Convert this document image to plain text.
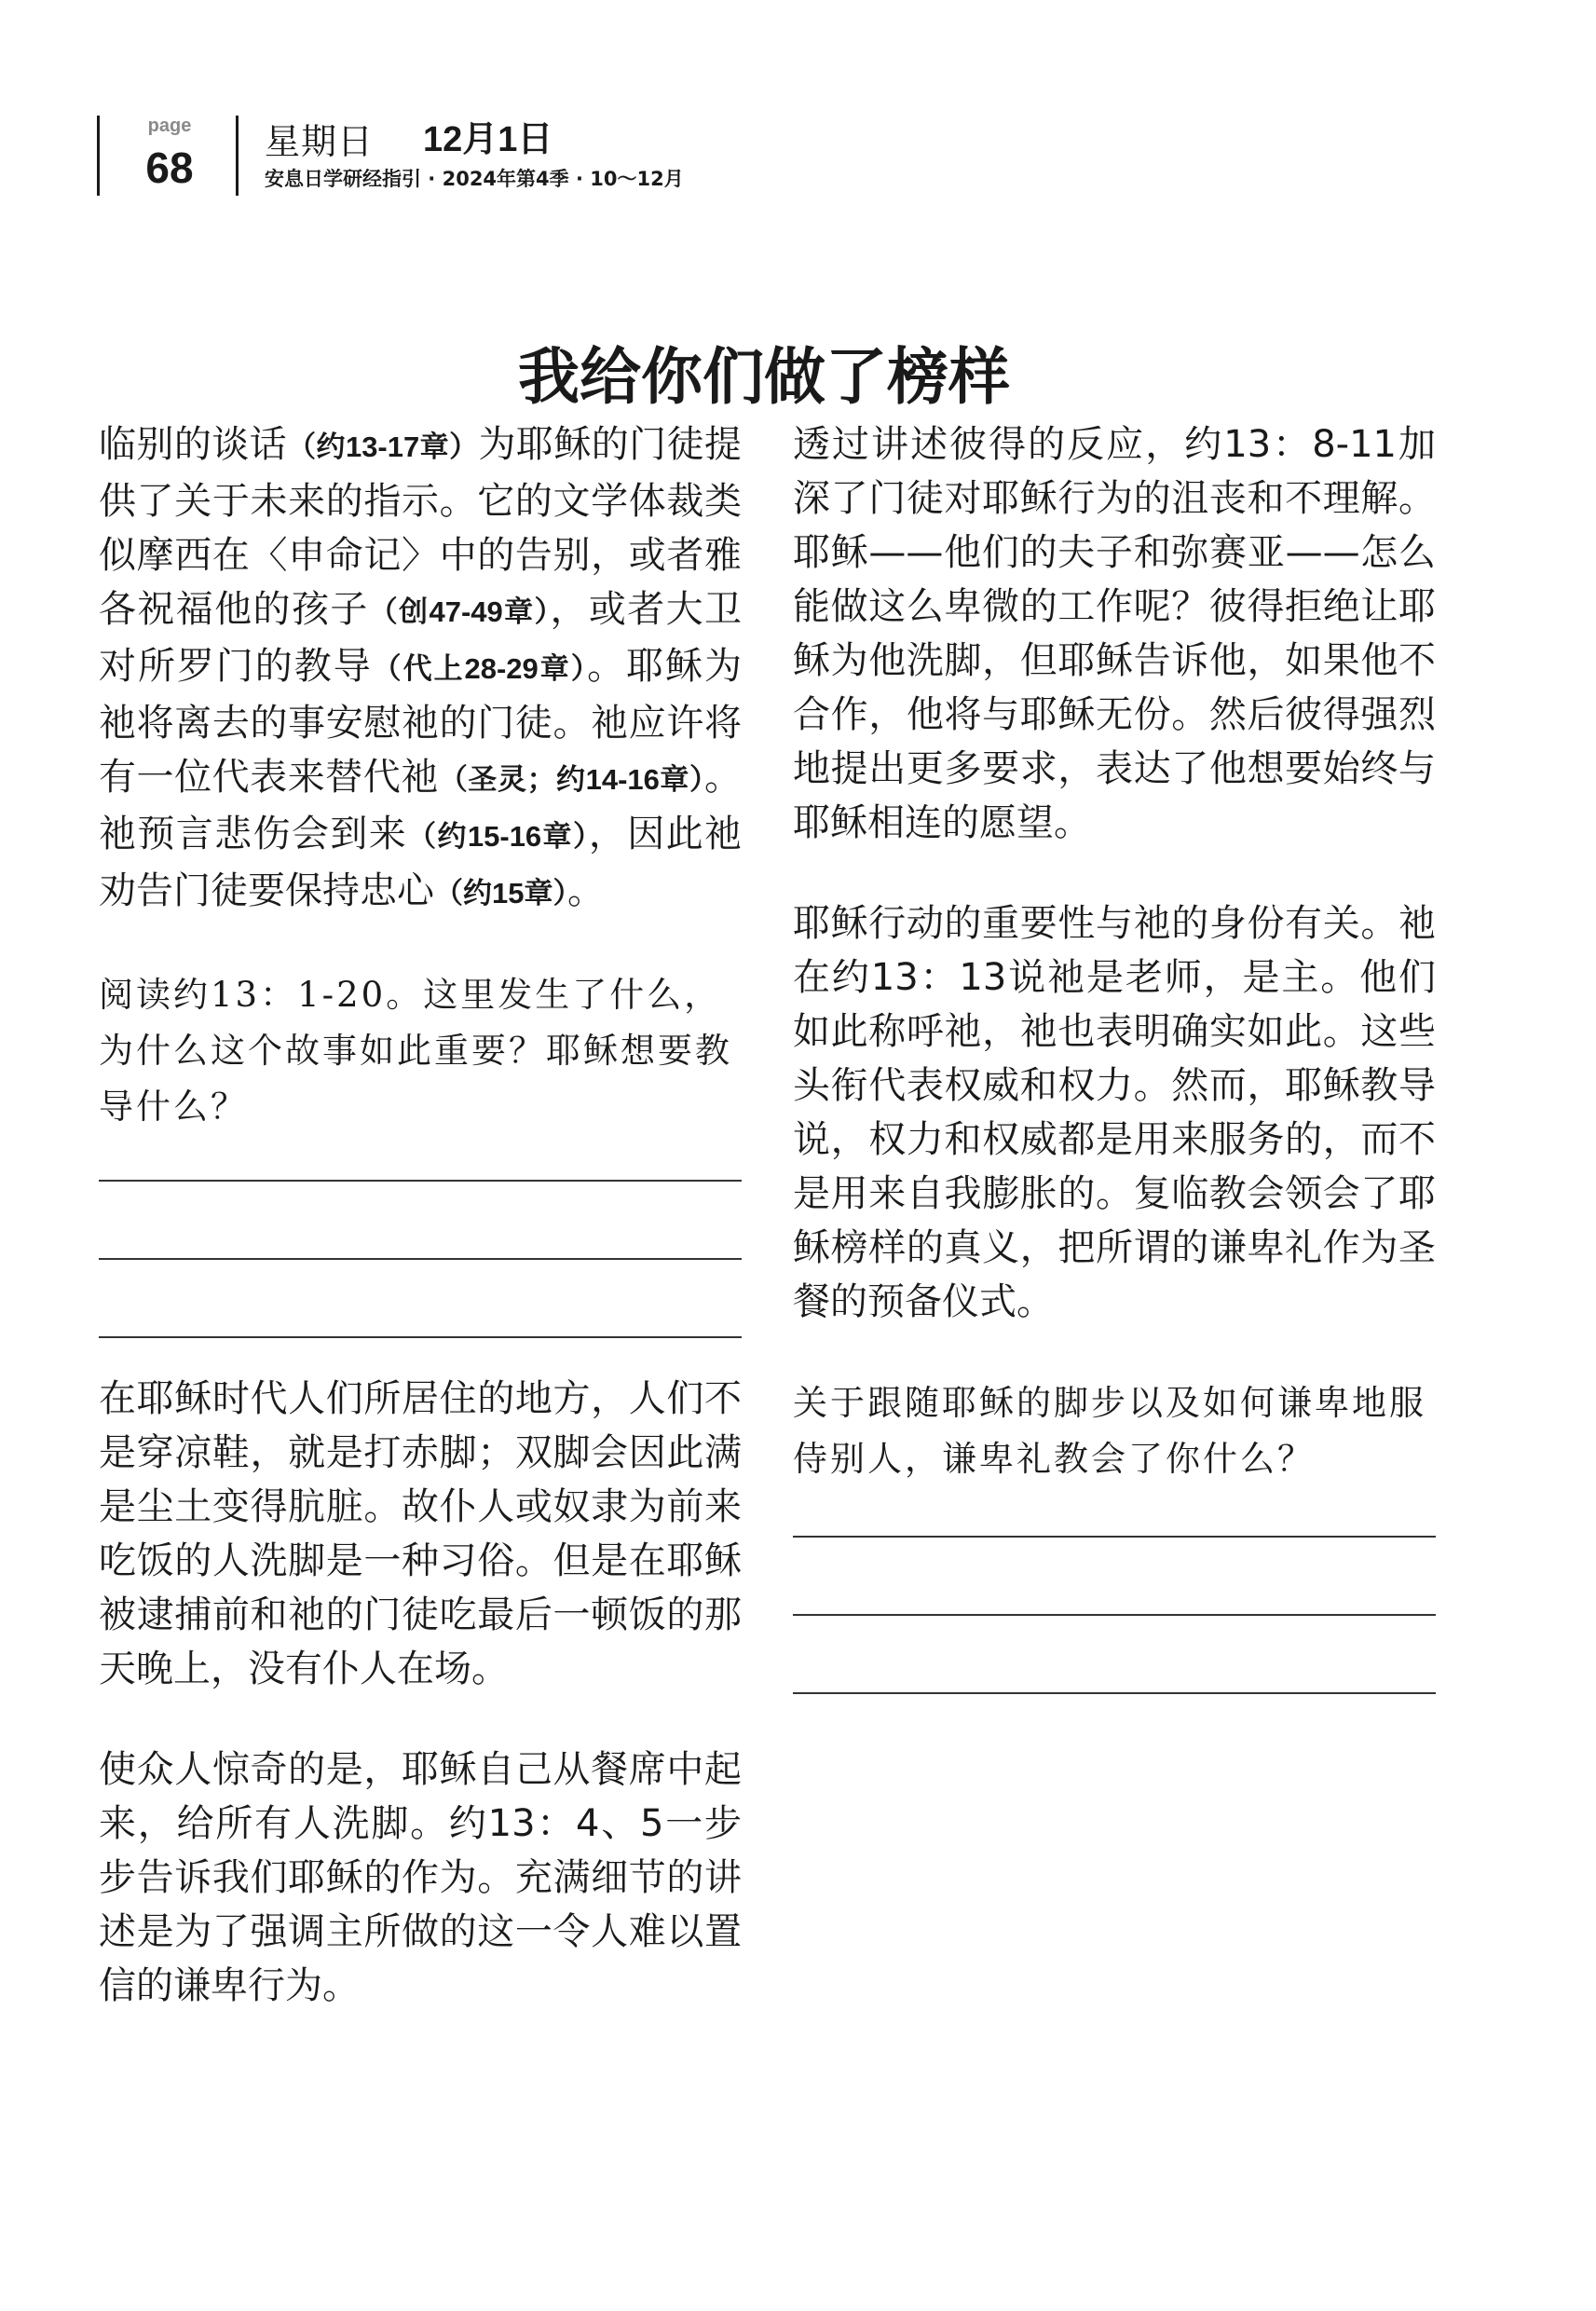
page
68
星期日 12月1日
安息日学研经指引 · 2024年第4季 · 10～12月
我给你们做了榜样

临别的谈话（约13-17章）为耶稣的门徒提供了关于未来的指示。它的文学体裁类似摩西在〈申命记〉中的告别，或者雅各祝福他的孩子（创47-49章），或者大卫对所罗门的教导（代上28-29章）。耶稣为祂将离去的事安慰祂的门徒。祂应许将有一位代表来替代祂（圣灵；约14-16章）。祂预言悲伤会到来（约15-16章），因此祂劝告门徒要保持忠心（约15章）。

阅读约13：1-20。这里发生了什么，为什么这个故事如此重要？耶稣想要教导什么？

在耶稣时代人们所居住的地方，人们不是穿凉鞋，就是打赤脚；双脚会因此满是尘土变得肮脏。故仆人或奴隶为前来吃饭的人洗脚是一种习俗。但是在耶稣被逮捕前和祂的门徒吃最后一顿饭的那天晚上，没有仆人在场。

使众人惊奇的是，耶稣自己从餐席中起来，给所有人洗脚。约13：4、5一步步告诉我们耶稣的作为。充满细节的讲述是为了强调主所做的这一令人难以置信的谦卑行为。

透过讲述彼得的反应，约13：8-11加深了门徒对耶稣行为的沮丧和不理解。耶稣——他们的夫子和弥赛亚——怎么能做这么卑微的工作呢？彼得拒绝让耶稣为他洗脚，但耶稣告诉他，如果他不合作，他将与耶稣无份。然后彼得强烈地提出更多要求，表达了他想要始终与耶稣相连的愿望。

耶稣行动的重要性与祂的身份有关。祂在约13：13说祂是老师，是主。他们如此称呼祂，祂也表明确实如此。这些头衔代表权威和权力。然而，耶稣教导说，权力和权威都是用来服务的，而不是用来自我膨胀的。复临教会领会了耶稣榜样的真义，把所谓的谦卑礼作为圣餐的预备仪式。

关于跟随耶稣的脚步以及如何谦卑地服侍别人，谦卑礼教会了你什么？
